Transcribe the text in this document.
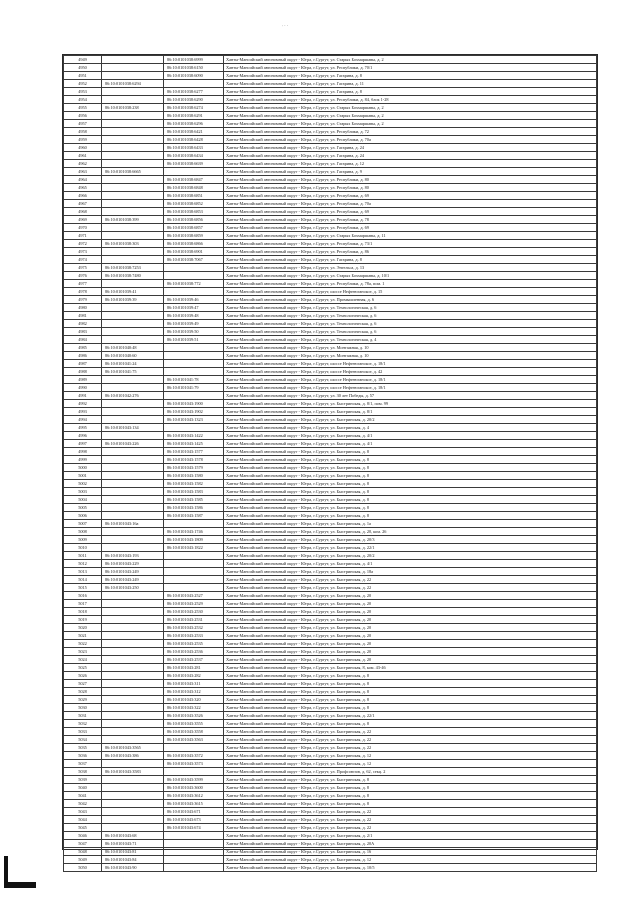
...
4949		86:10:0101038:6999	Ханты-Мансийский автономный округ - Югра, г.Сургут, ул. Старых Бохмаршавы, д. 2
4950		86:10:0101038:6150	Ханты-Мансийский автономный округ - Югра, г.Сургут, ул. Республики, д. 70/1
4951		86:10:0101038:6090	Ханты-Мансийский автономный округ - Югра, г.Сургут, ул. Гагарина, д. 8
4952	86:10:0101038:6294		Ханты-Мансийский автономный округ - Югра, г.Сургут, ул. Гагарина, д. 11
4953		86:10:0101038:6277	Ханты-Мансийский автономный округ - Югра, г.Сургут, ул. Гагарина, д. 8
4954		86:10:0101038:6290	Ханты-Мансийский автономный округ - Югра, г.Сургут, ул. Республики, д. 84, блок 1-28
4955	86:10:0101038:238	86:10:0101038:6274	Ханты-Мансийский автономный округ - Югра, г.Сургут, ул. Старых Бохмаршавы, д. 2
4956		86:10:0101038:6291	Ханты-Мансийский автономный округ - Югра, г.Сургут, ул. Старых Бохмаршавы, д. 2
4957		86:10:0101038:6296	Ханты-Мансийский автономный округ - Югра, г.Сургут, ул. Старых Бохмаршавы, д. 2
4958		86:10:0101038:6421	Ханты-Мансийский автономный округ - Югра, г.Сургут, ул. Республики, д. 72
4959		86:10:0101038:6428	Ханты-Мансийский автономный округ - Югра, г.Сургут, ул. Республики, д. 70а
4960		86:10:0101038:6433	Ханты-Мансийский автономный округ - Югра, г.Сургут, ул. Гагарина, д. 24
4961		86:10:0101038:6434	Ханты-Мансийский автономный округ - Югра, г.Сургут, ул. Гагарина, д. 24
4962		86:10:0101038:6639	Ханты-Мансийский автономный округ - Югра, г.Сургут, ул. Гагарина, д. 12
4963	86:10:0101038:6665		Ханты-Мансийский автономный округ - Югра, г.Сургут, ул. Гагарина, д. 9
4964		86:10:0101038:6847	Ханты-Мансийский автономный округ - Югра, г.Сургут, ул. Республики, д. 80
4965		86:10:0101038:6848	Ханты-Мансийский автономный округ - Югра, г.Сургут, ул. Республики, д. 80
4966		86:10:0101038:6851	Ханты-Мансийский автономный округ - Югра, г.Сургут, ул. Республики, д. 69
4967		86:10:0101038:6852	Ханты-Мансийский автономный округ - Югра, г.Сургут, ул. Республики, д. 70а
4968		86:10:0101038:6853	Ханты-Мансийский автономный округ - Югра, г.Сургут, ул. Республики, д. 69
4969	86:10:0101038:399	86:10:0101038:6856	Ханты-Мансийский автономный округ - Югра, г.Сургут, ул. Республики, д. 78
4970		86:10:0101038:6857	Ханты-Мансийский автономный округ - Югра, г.Сургут, ул. Республики, д. 69
4971		86:10:0101038:6859	Ханты-Мансийский автономный округ - Югра, г.Сургут, ул. Старых Бохмаршавы, д. 11
4972	86:10:0101038:303	86:10:0101038:6866	Ханты-Мансийский автономный округ - Югра, г.Сургут, ул. Республики, д. 73/1
4973		86:10:0101038:6901	Ханты-Мансийский автономный округ - Югра, г.Сургут, ул. Республики, д. 86
4974		86:10:0101038:7067	Ханты-Мансийский автономный округ - Югра, г.Сургут, ул. Гагарина, д. 8
4975	86:10:0101038:7253		Ханты-Мансийский автономный округ - Югра, г.Сургут, ул. Энгельса, д. 13
4976	86:10:0101038:7480		Ханты-Мансийский автономный округ - Югра, г.Сургут, ул. Старых Бохмаршавы, д. 10/1
4977		86:10:0101038:772	Ханты-Мансийский автономный округ - Югра, г.Сургут, ул. Республики, д. 78а, пом. 1
4978	86:10:0101039:41		Ханты-Мансийский автономный округ - Югра, г.Сургут, шоссе Нефтеюганское, д. 15
4979	86:10:0101039:39	86:10:0101039:46	Ханты-Мансийский автономный округ - Югра, г.Сургут, ул. Промышленная, д. 6
4980		86:10:0101039:47	Ханты-Мансийский автономный округ - Югра, г.Сургут, ул. Технологическая, д. 6
4981		86:10:0101039:48	Ханты-Мансийский автономный округ - Югра, г.Сургут, ул. Технологическая, д. 6
4982		86:10:0101039:49	Ханты-Мансийский автономный округ - Югра, г.Сургут, ул. Технологическая, д. 6
4983		86:10:0101039:50	Ханты-Мансийский автономный округ - Югра, г.Сургут, ул. Технологическая, д. 6
4984		86:10:0101039:51	Ханты-Мансийский автономный округ - Югра, г.Сургут, ул. Технологическая, д. 4
4985	86:10:0101040:48		Ханты-Мансийский автономный округ - Югра, г.Сургут, ул. Монтажная, д. 10
4986	86:10:0101040:60		Ханты-Мансийский автономный округ - Югра, г.Сургут, ул. Монтажная, д. 10
4987	86:10:0101041:24		Ханты-Мансийский автономный округ - Югра, г.Сургут, шоссе Нефтеюганское, д. 18/1
4988	86:10:0101041:75		Ханты-Мансийский автономный округ - Югра, г.Сургут, шоссе Нефтеюганское, д. 42
4989		86:10:0101041:78	Ханты-Мансийский автономный округ - Югра, г.Сургут, шоссе Нефтеюганское, д. 18/1
4990		86:10:0101041:79	Ханты-Мансийский автономный округ - Югра, г.Сургут, шоссе Нефтеюганское, д. 18/1
4991	86:10:0101042:276		Ханты-Мансийский автономный округ - Югра, г.Сургут, ул. 30 лет Победы, д. 57
4992		86:10:0101043:1900	Ханты-Мансийский автономный округ - Югра, г.Сургут, ул. Быстринская, д. 8/1, пом. 99
4993		86:10:0101043:1902	Ханты-Мансийский автономный округ - Югра, г.Сургут, ул. Быстринская, д. 8/1
4994		86:10:0101043:1323	Ханты-Мансийский автономный округ - Югра, г.Сургут, ул. Быстринская, д. 20/2
4995	86:10:0101043:134		Ханты-Мансийский автономный округ - Югра, г.Сургут, ул. Быстринская, д. 4
4996		86:10:0101043:1422	Ханты-Мансийский автономный округ - Югра, г.Сургут, ул. Быстринская, д. 4/1
4997	86:10:0101043:226	86:10:0101043:1425	Ханты-Мансийский автономный округ - Югра, г.Сургут, ул. Быстринская, д. 4/1
4998		86:10:0101043:1577	Ханты-Мансийский автономный округ - Югра, г.Сургут, ул. Быстринская, д. 8
4999		86:10:0101043:1578	Ханты-Мансийский автономный округ - Югра, г.Сургут, ул. Быстринская, д. 8
5000		86:10:0101043:1579	Ханты-Мансийский автономный округ - Югра, г.Сургут, ул. Быстринская, д. 8
5001		86:10:0101043:1580	Ханты-Мансийский автономный округ - Югра, г.Сургут, ул. Быстринская, д. 8
5002		86:10:0101043:1582	Ханты-Мансийский автономный округ - Югра, г.Сургут, ул. Быстринская, д. 8
5003		86:10:0101043:1583	Ханты-Мансийский автономный округ - Югра, г.Сургут, ул. Быстринская, д. 8
5004		86:10:0101043:1585	Ханты-Мансийский автономный округ - Югра, г.Сургут, ул. Быстринская, д. 8
5005		86:10:0101043:1586	Ханты-Мансийский автономный округ - Югра, г.Сургут, ул. Быстринская, д. 8
5006		86:10:0101043:1587	Ханты-Мансийский автономный округ - Югра, г.Сургут, ул. Быстринская, д. 8
5007	86:10:0101043:16а		Ханты-Мансийский автономный округ - Югра, г.Сургут, ул. Быстринская, д. 1а
5008		86:10:0101043:1746	Ханты-Мансийский автономный округ - Югра, г.Сургут, ул. Быстринская, д. 20, ком. 26
5009		86:10:0101043:1809	Ханты-Мансийский автономный округ - Югра, г.Сургут, ул. Быстринская, д. 20/3
5010		86:10:0101043:1822	Ханты-Мансийский автономный округ - Югра, г.Сургут, ул. Быстринская, д. 22/1
5011	86:10:0101043:193		Ханты-Мансийский автономный округ - Югра, г.Сургут, ул. Быстринская, д. 20/2
5012	86:10:0101043:229		Ханты-Мансийский автономный округ - Югра, г.Сургут, ул. Быстринская, д. 4/1
5013	86:10:0101043:249		Ханты-Мансийский автономный округ - Югра, г.Сургут, ул. Быстринская, д. 18а
5014	86:10:0101043:249		Ханты-Мансийский автономный округ - Югра, г.Сургут, ул. Быстринская, д. 22
5015	86:10:0101043:250		Ханты-Мансийский автономный округ - Югра, г.Сургут, ул. Быстринская, д. 22
5016		86:10:0101043:2527	Ханты-Мансийский автономный округ - Югра, г.Сургут, ул. Быстринская, д. 20
5017		86:10:0101043:2529	Ханты-Мансийский автономный округ - Югра, г.Сургут, ул. Быстринская, д. 20
5018		86:10:0101043:2530	Ханты-Мансийский автономный округ - Югра, г.Сургут, ул. Быстринская, д. 20
5019		86:10:0101043:2531	Ханты-Мансийский автономный округ - Югра, г.Сургут, ул. Быстринская, д. 20
5020		86:10:0101043:2532	Ханты-Мансийский автономный округ - Югра, г.Сургут, ул. Быстринская, д. 20
5021		86:10:0101043:2533	Ханты-Мансийский автономный округ - Югра, г.Сургут, ул. Быстринская, д. 20
5022		86:10:0101043:2535	Ханты-Мансийский автономный округ - Югра, г.Сургут, ул. Быстринская, д. 20
5023		86:10:0101043:2536	Ханты-Мансийский автономный округ - Югра, г.Сургут, ул. Быстринская, д. 20
5024		86:10:0101043:2537	Ханты-Мансийский автономный округ - Югра, г.Сургут, ул. Быстринская, д. 20
5025		86:10:0101043:281	Ханты-Мансийский автономный округ - Югра, г.Сургут, ул. Быстринская, 8, ком. 43-46
5026		86:10:0101043:282	Ханты-Мансийский автономный округ - Югра, г.Сургут, ул. Быстринская, д. 8
5027		86:10:0101043:311	Ханты-Мансийский автономный округ - Югра, г.Сургут, ул. Быстринская, д. 8
5028		86:10:0101043:312	Ханты-Мансийский автономный округ - Югра, г.Сургут, ул. Быстринская, д. 8
5029		86:10:0101043:320	Ханты-Мансийский автономный округ - Югра, г.Сургут, ул. Быстринская, д. 8
5030		86:10:0101043:322	Ханты-Мансийский автономный округ - Югра, г.Сургут, ул. Быстринская, д. 8
5031		86:10:0101043:3526	Ханты-Мансийский автономный округ - Югра, г.Сургут, ул. Быстринская, д. 22/1
5032		86:10:0101043:3555	Ханты-Мансийский автономный округ - Югра, г.Сургут, ул. Быстринская, д. 8
5033		86:10:0101043:3558	Ханты-Мансийский автономный округ - Югра, г.Сургут, ул. Быстринская, д. 22
5034		86:10:0101043:3563	Ханты-Мансийский автономный округ - Югра, г.Сургут, ул. Быстринская, д. 22
5035	86:10:0101043:3565		Ханты-Мансийский автономный округ - Югра, г.Сургут, ул. Быстринская, д. 22
5036	86:10:0101043:386	86:10:0101043:3572	Ханты-Мансийский автономный округ - Югра, г.Сургут, ул. Быстринская, д. 12
5037		86:10:0101043:3573	Ханты-Мансийский автономный округ - Югра, г.Сургут, ул. Быстринская, д. 12
5038	86:10:0101043:3583		Ханты-Мансийский автономный округ - Югра, г.Сургут, ул. Профсоюзов, д. 62, секц. 2
5039		86:10:0101043:3599	Ханты-Мансийский автономный округ - Югра, г.Сургут, ул. Быстринская, д. 8
5040		86:10:0101043:3600	Ханты-Мансийский автономный округ - Югра, г.Сургут, ул. Быстринская, д. 8
5041		86:10:0101043:3612	Ханты-Мансийский автономный округ - Югра, г.Сургут, ул. Быстринская, д. 8
5042		86:10:0101043:3615	Ханты-Мансийский автономный округ - Югра, г.Сургут, ул. Быстринская, д. 8
5043		86:10:0101043:671	Ханты-Мансийский автономный округ - Югра, г.Сургут, ул. Быстринская, д. 22
5044		86:10:0101043:673	Ханты-Мансийский автономный округ - Югра, г.Сургут, ул. Быстринская, д. 22
5045		86:10:0101043:674	Ханты-Мансийский автономный округ - Югра, г.Сургут, ул. Быстринская, д. 22
5046	86:10:0101043:68		Ханты-Мансийский автономный округ - Югра, г.Сургут, ул. Быстринская, д. 2/1
5047	86:10:0101043:71		Ханты-Мансийский автономный округ - Югра, г.Сургут, ул. Быстринская, д. 20А
5048	86:10:0101043:81		Ханты-Мансийский автономный округ - Югра, г.Сургут, ул. Быстринская, д. 16
5049	86:10:0101043:84		Ханты-Мансийский автономный округ - Югра, г.Сургут, ул. Быстринская, д. 12
5050	86:10:0101043:90		Ханты-Мансийский автономный округ - Югра, г.Сургут, ул. Быстринская, д. 10/5
